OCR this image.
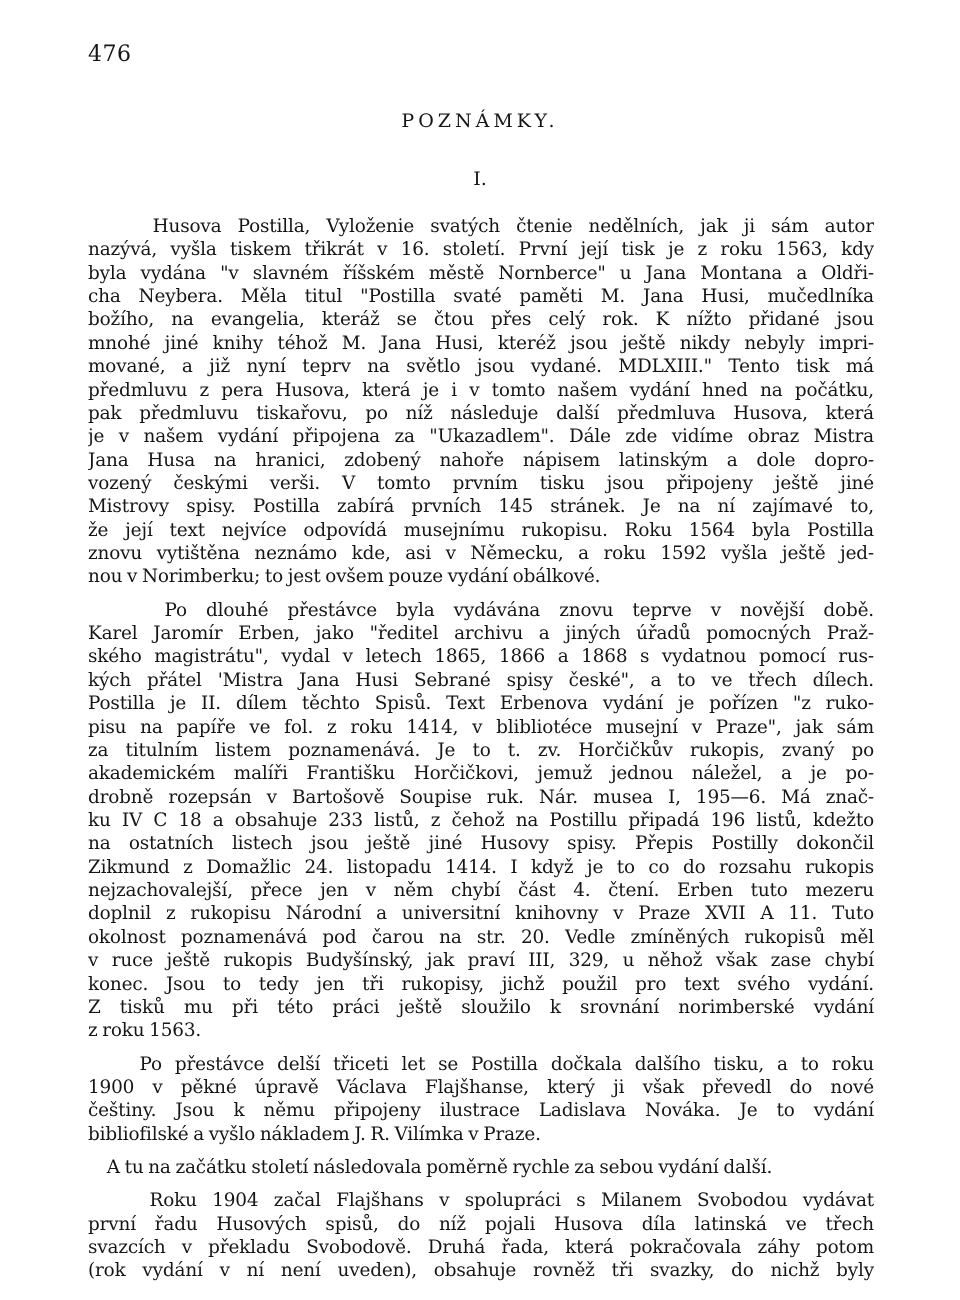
476
POZNÁMKY.
I.
Husova Postilla, Vyloženie svatých čtenie nedělních, jak ji sám autor
nazývá, vyšla tiskem třikrát v 16. století. První její tisk je z roku 1563, kdy
byla vydána "v slavném říšském městě Nornberce" u Jana Montana a Oldři-
cha Neybera. Měla titul "Postilla svaté paměti M. Jana Husi, mučedlníka
božího, na evangelia, kteráž se čtou přes celý rok. K nížto přidané jsou
mnohé jiné knihy téhož M. Jana Husi, kteréž jsou ještě nikdy nebyly impri-
mované, a již nyní teprv na světlo jsou vydané. MDLXIII." Tento tisk má
předmluvu z pera Husova, která je i v tomto našem vydání hned na počátku,
pak předmluvu tiskařovu, po níž následuje další předmluva Husova, která
je v našem vydání připojena za "Ukazadlem". Dále zde vidíme obraz Mistra
Jana Husa na hranici, zdobený nahoře nápisem latinským a dole dopro-
vozený českými verši. V tomto prvním tisku jsou připojeny ještě jiné
Mistrovy spisy. Postilla zabírá prvních 145 stránek. Je na ní zajímavé to,
že její text nejvíce odpovídá musejnímu rukopisu. Roku 1564 byla Postilla
znovu vytištěna neznámo kde, asi v Německu, a roku 1592 vyšla ještě jed-
nou v Norimberku; to jest ovšem pouze vydání obálkové.
Po dlouhé přestávce byla vydávána znovu teprve v novější době.
Karel Jaromír Erben, jako "ředitel archivu a jiných úřadů pomocných Praž-
ského magistrátu", vydal v letech 1865, 1866 a 1868 s vydatnou pomocí rus-
kých přátel 'Mistra Jana Husi Sebrané spisy české", a to ve třech dílech.
Postilla je II. dílem těchto Spisů. Text Erbenova vydání je pořízen "z ruko-
pisu na papíře ve fol. z roku 1414, v blibliotéce musejní v Praze", jak sám
za titulním listem poznamenává. Je to t. zv. Horčičkův rukopis, zvaný po
akademickém malíři Františku Horčičkovi, jemuž jednou náležel, a je po-
drobně rozepsán v Bartošově Soupise ruk. Nár. musea I, 195—6. Má znač-
ku IV C 18 a obsahuje 233 listů, z čehož na Postillu připadá 196 listů, kdežto
na ostatních listech jsou ještě jiné Husovy spisy. Přepis Postilly dokončil
Zikmund z Domažlic 24. listopadu 1414. I když je to co do rozsahu rukopis
nejzachovalejší, přece jen v něm chybí část 4. čtení. Erben tuto mezeru
doplnil z rukopisu Národní a universitní knihovny v Praze XVII A 11. Tuto
okolnost poznamenává pod čarou na str. 20. Vedle zmíněných rukopisů měl
v ruce ještě rukopis Budyšínský, jak praví III, 329, u něhož však zase chybí
konec. Jsou to tedy jen tři rukopisy, jichž použil pro text svého vydání.
Z tisků mu při této práci ještě sloužilo k srovnání norimberské vydání
z roku 1563.
Po přestávce delší třiceti let se Postilla dočkala dalšího tisku, a to roku
1900 v pěkné úpravě Václava Flajšhanse, který ji však převedl do nové
češtiny. Jsou k němu připojeny ilustrace Ladislava Nováka. Je to vydání
bibliofilské a vyšlo nákladem J. R. Vilímka v Praze.
A tu na začátku století následovala poměrně rychle za sebou vydání další.
Roku 1904 začal Flajšhans v spolupráci s Milanem Svobodou vydávat
první řadu Husových spisů, do níž pojali Husova díla latinská ve třech
svazcích v překladu Svobodově. Druhá řada, která pokračovala záhy potom
(rok vydání v ní není uveden), obsahuje rovněž tři svazky, do nichž byly
